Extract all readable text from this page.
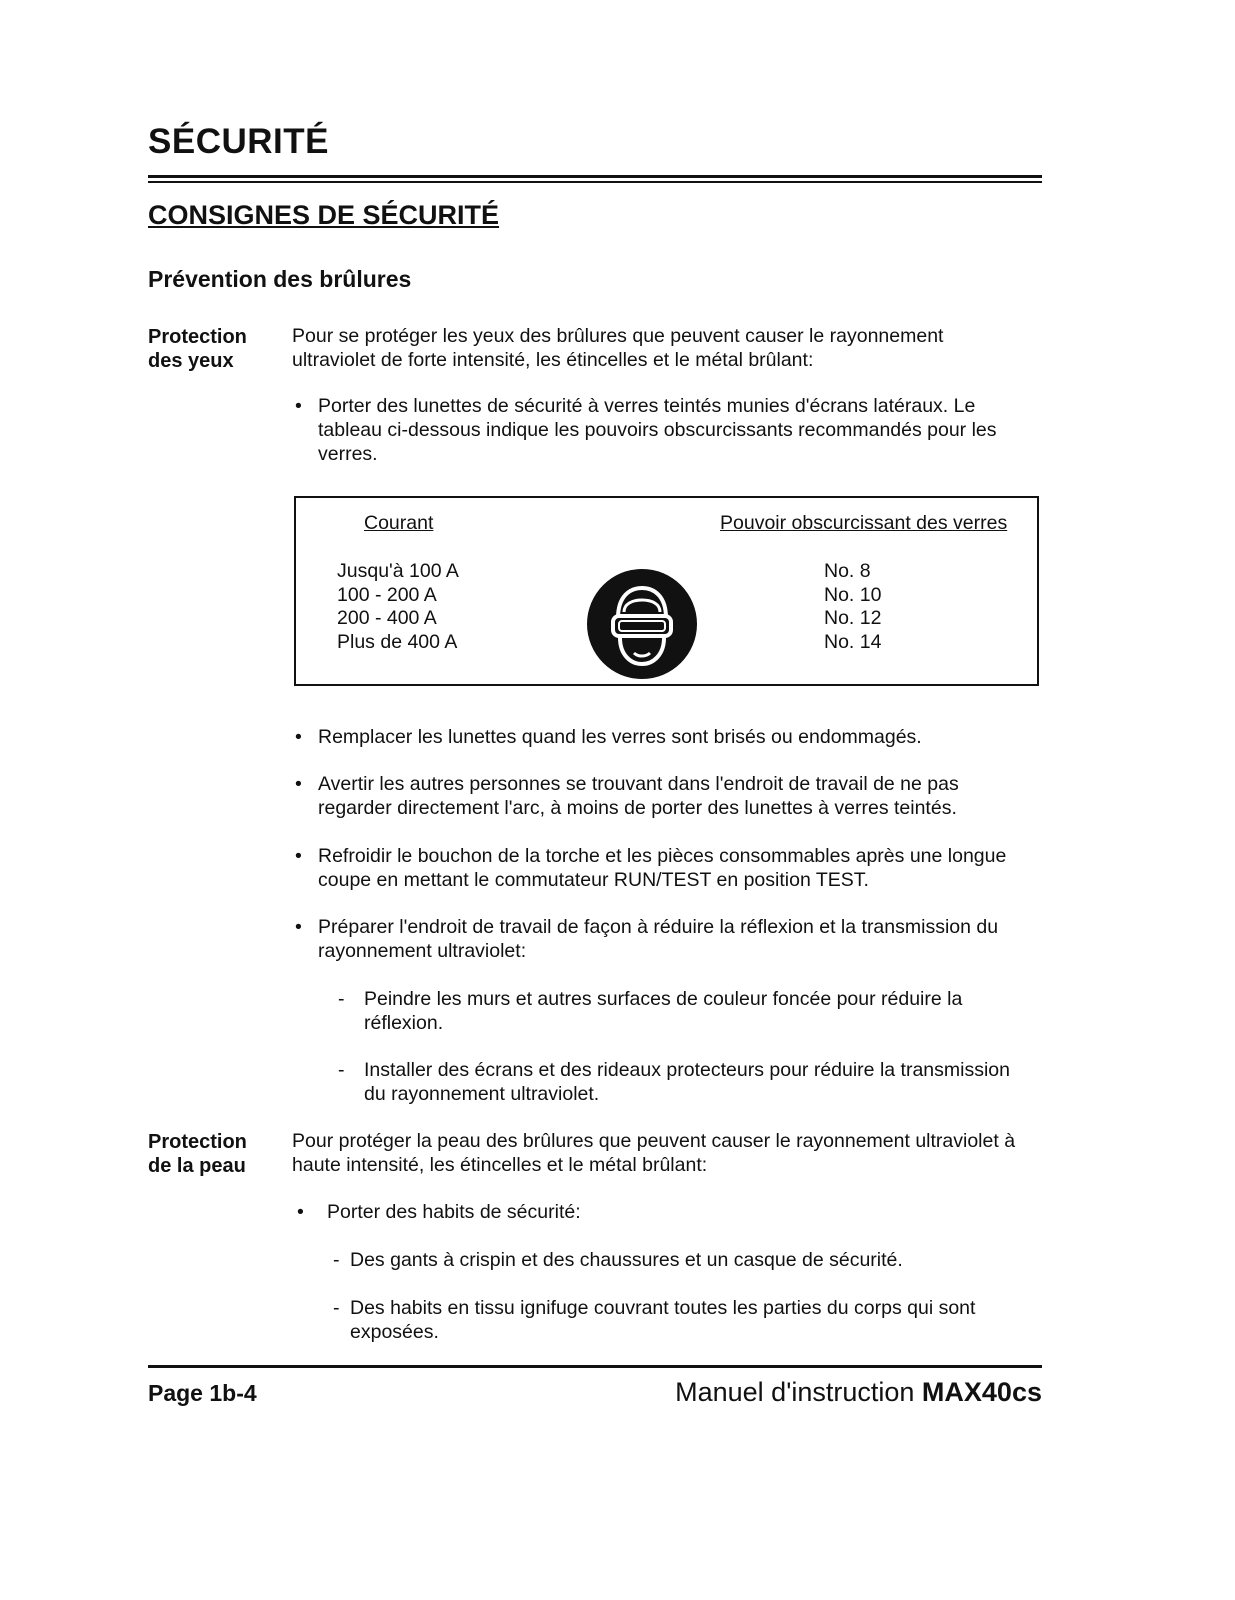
SÉCURITÉ
CONSIGNES DE SÉCURITÉ
Prévention des brûlures
Protection
des yeux
Pour se protéger les yeux des brûlures que peuvent causer le rayonnement
ultraviolet de forte intensité, les étincelles et le métal brûlant:
• Porter des lunettes de sécurité à verres teintés munies d'écrans latéraux. Le
tableau ci-dessous indique les pouvoirs obscurcissants recommandés pour les
verres.
Courant	Pouvoir obscurcissant des verres
Jusqu'à 100 A
100 - 200 A
200 - 400 A
Plus de 400 A
No. 8
No. 10
No. 12
No. 14
• Remplacer les lunettes quand les verres sont brisés ou endommagés.
• Avertir les autres personnes se trouvant dans l'endroit de travail de ne pas
regarder directement l'arc, à moins de porter des lunettes à verres teintés.
• Refroidir le bouchon de la torche et les pièces consommables après une longue
coupe en mettant le commutateur RUN/TEST en position TEST.
• Préparer l'endroit de travail de façon à réduire la réflexion et la transmission du
rayonnement ultraviolet:
- Peindre les murs et autres surfaces de couleur foncée pour réduire la
réflexion.
- Installer des écrans et des rideaux protecteurs pour réduire la transmission
du rayonnement ultraviolet.
Protection
de la peau
Pour protéger la peau des brûlures que peuvent causer le rayonnement ultraviolet à
haute intensité, les étincelles et le métal brûlant:
• Porter des habits de sécurité:
- Des gants à crispin et des chaussures et un casque de sécurité.
- Des habits en tissu ignifuge couvrant toutes les parties du corps qui sont
exposées.
Page 1b-4	Manuel d'instruction MAX40cs
